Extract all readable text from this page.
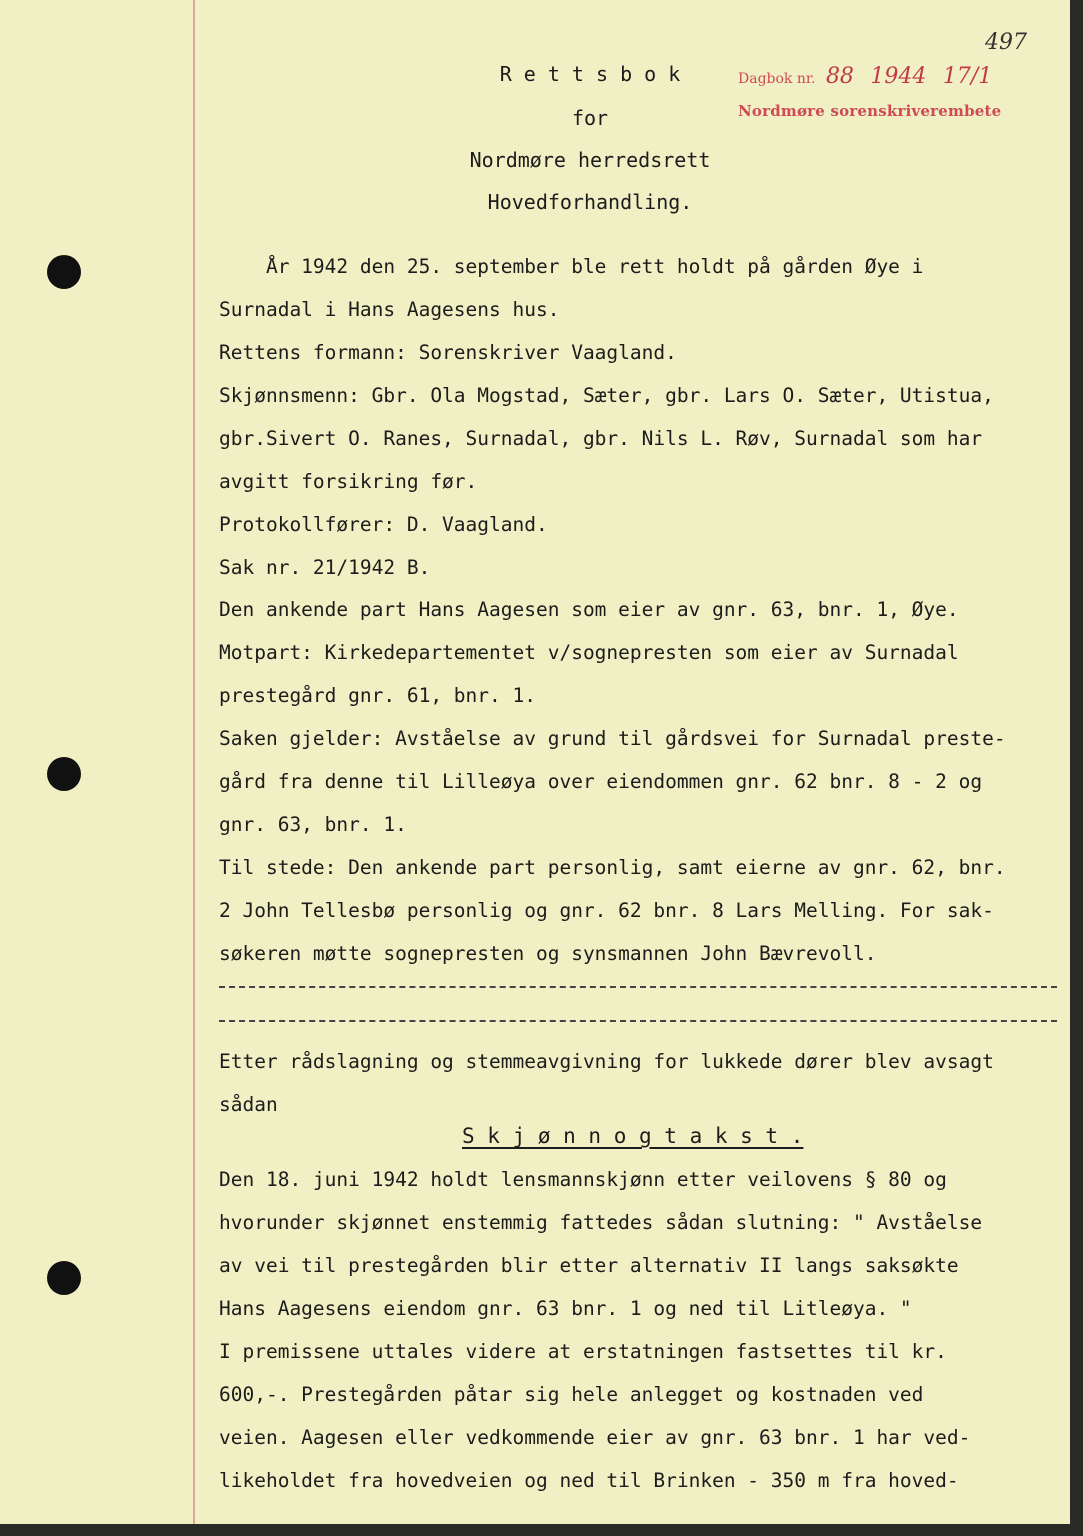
497
Dagbok nr. 88 1944 17/1
Nordmøre sorenskriverembete
R e t t s b o k
for
Nordmøre herredsrett
Hovedforhandling.
År 1942 den 25. september ble rett holdt på gården Øye i
Surnadal i Hans Aagesens hus.
Rettens formann: Sorenskriver Vaagland.
Skjønnsmenn: Gbr. Ola Mogstad, Sæter, gbr. Lars O. Sæter, Utistua,
gbr.Sivert O. Ranes, Surnadal, gbr. Nils L. Røv, Surnadal som har
avgitt forsikring før.
Protokollfører: D. Vaagland.
Sak nr. 21/1942 B.
Den ankende part Hans Aagesen som eier av gnr. 63, bnr. 1, Øye.
Motpart: Kirkedepartementet v/sognepresten som eier av Surnadal
prestegård gnr. 61, bnr. 1.
Saken gjelder: Avståelse av grund til gårdsvei for Surnadal preste-
gård fra denne til Lilleøya over eiendommen gnr. 62 bnr. 8 - 2 og
gnr. 63, bnr. 1.
Til stede: Den ankende part personlig, samt eierne av gnr. 62, bnr.
2 John Tellesbø personlig og gnr. 62 bnr. 8 Lars Melling. For sak-
søkeren møtte sognepresten og synsmannen John Bævrevoll.
Etter rådslagning og stemmeavgivning for lukkede dører blev avsagt
sådan
S k j ø n n o g t a k s t .
Den 18. juni 1942 holdt lensmannskjønn etter veilovens § 80 og
hvorunder skjønnet enstemmig fattedes sådan slutning: " Avståelse
av vei til prestegården blir etter alternativ II langs saksøkte
Hans Aagesens eiendom gnr. 63 bnr. 1 og ned til Litleøya. "
I premissene uttales videre at erstatningen fastsettes til kr.
600,-. Prestegården påtar sig hele anlegget og kostnaden ved
veien. Aagesen eller vedkommende eier av gnr. 63 bnr. 1 har ved-
likeholdet fra hovedveien og ned til Brinken - 350 m fra hoved-
